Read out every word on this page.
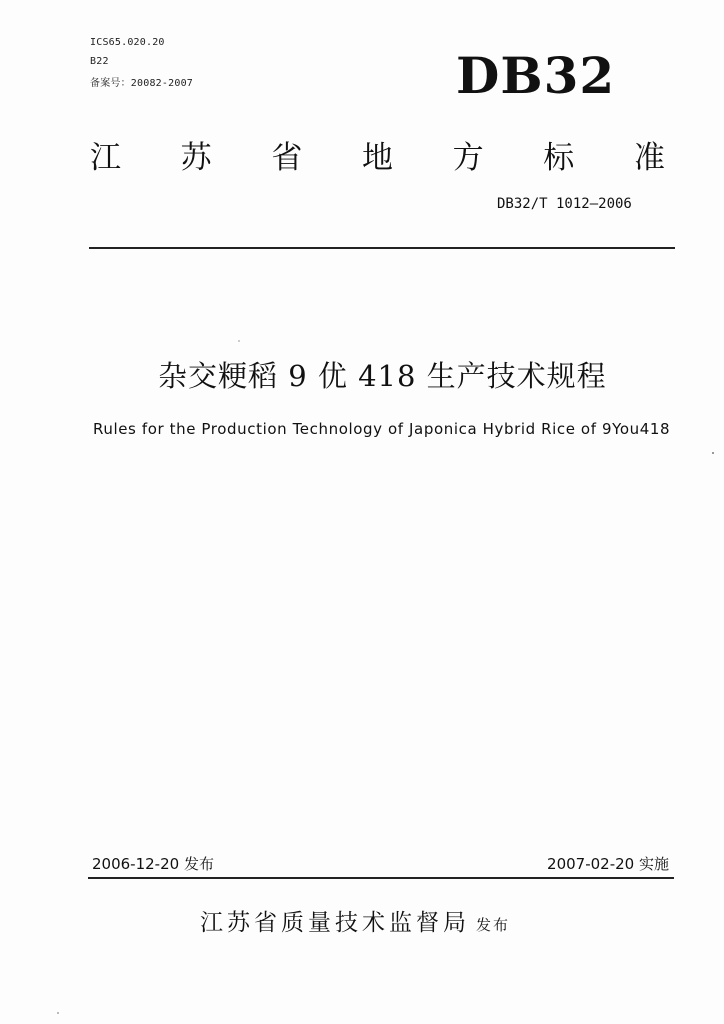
ICS65.020.20
B22
备案号：20082-2007	DB32
江 苏 省 地 方 标 准
DB32/T 1012—2006
杂交粳稻 9 优 418 生产技术规程
Rules for the Production Technology of Japonica Hybrid Rice of 9You418
2006-12-20 发布	2007-02-20 实施
江苏省质量技术监督局 发布
